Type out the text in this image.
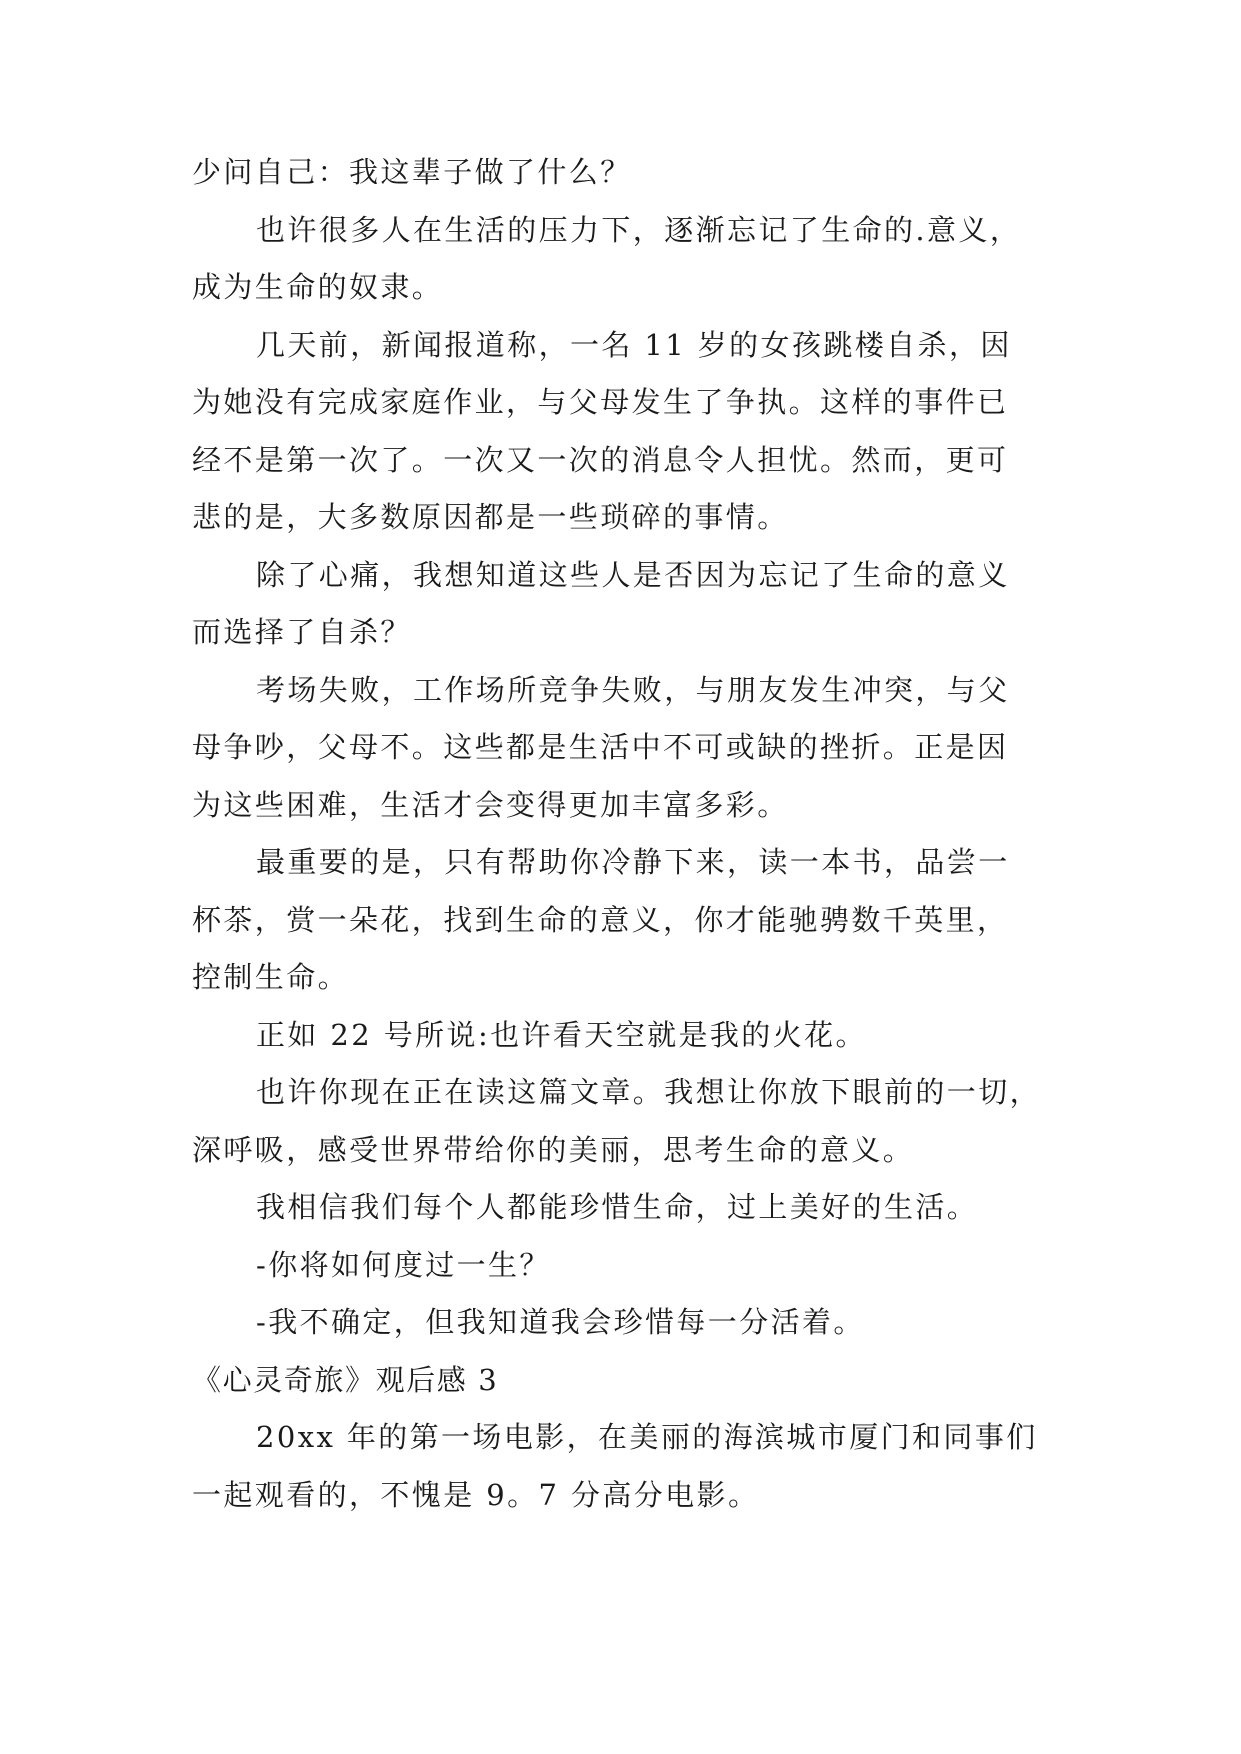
少问自己：我这辈子做了什么？
也许很多人在生活的压力下，逐渐忘记了生命的.意义，
成为生命的奴隶。
几天前，新闻报道称，一名 11 岁的女孩跳楼自杀，因
为她没有完成家庭作业，与父母发生了争执。这样的事件已
经不是第一次了。一次又一次的消息令人担忧。然而，更可
悲的是，大多数原因都是一些琐碎的事情。
除了心痛，我想知道这些人是否因为忘记了生命的意义
而选择了自杀？
考场失败，工作场所竞争失败，与朋友发生冲突，与父
母争吵，父母不。这些都是生活中不可或缺的挫折。正是因
为这些困难，生活才会变得更加丰富多彩。
最重要的是，只有帮助你冷静下来，读一本书，品尝一
杯茶，赏一朵花，找到生命的意义，你才能驰骋数千英里，
控制生命。
正如 22 号所说:也许看天空就是我的火花。
也许你现在正在读这篇文章。我想让你放下眼前的一切，
深呼吸，感受世界带给你的美丽，思考生命的意义。
我相信我们每个人都能珍惜生命，过上美好的生活。
-你将如何度过一生？
-我不确定，但我知道我会珍惜每一分活着。
《心灵奇旅》观后感 3
20xx 年的第一场电影，在美丽的海滨城市厦门和同事们
一起观看的，不愧是 9。7 分高分电影。
